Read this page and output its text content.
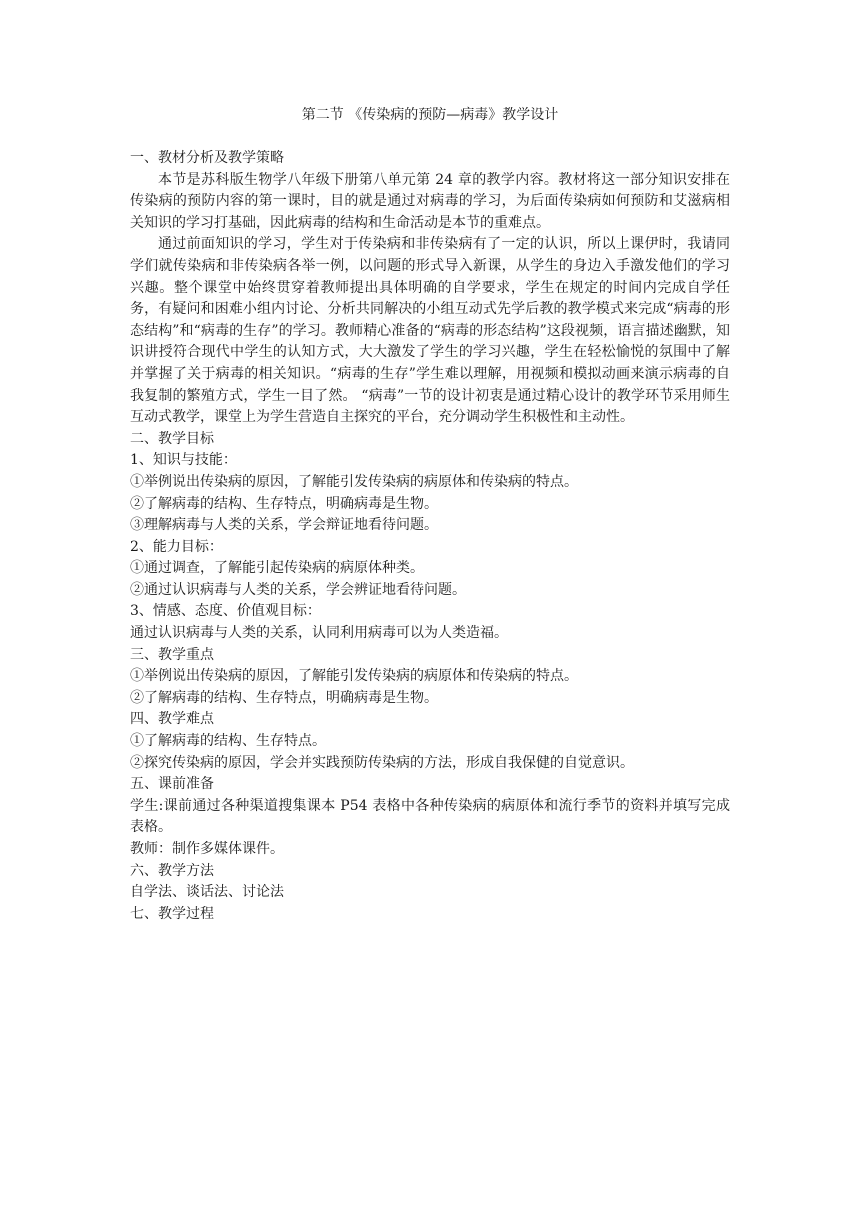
第二节 《传染病的预防—病毒》教学设计

一、教材分析及教学策略

本节是苏科版生物学八年级下册第八单元第 24 章的教学内容。教材将这一部分知识安排在传染病的预防内容的第一课时，目的就是通过对病毒的学习，为后面传染病如何预防和艾滋病相关知识的学习打基础，因此病毒的结构和生命活动是本节的重难点。

通过前面知识的学习，学生对于传染病和非传染病有了一定的认识，所以上课伊时，我请同学们就传染病和非传染病各举一例，以问题的形式导入新课，从学生的身边入手激发他们的学习兴趣。整个课堂中始终贯穿着教师提出具体明确的自学要求，学生在规定的时间内完成自学任务，有疑问和困难小组内讨论、分析共同解决的小组互动式先学后教的教学模式来完成“病毒的形态结构”和“病毒的生存”的学习。教师精心准备的“病毒的形态结构”这段视频，语言描述幽默，知识讲授符合现代中学生的认知方式，大大激发了学生的学习兴趣，学生在轻松愉悦的氛围中了解并掌握了关于病毒的相关知识。“病毒的生存”学生难以理解，用视频和模拟动画来演示病毒的自我复制的繁殖方式，学生一目了然。 “病毒”一节的设计初衷是通过精心设计的教学环节采用师生互动式教学，课堂上为学生营造自主探究的平台，充分调动学生积极性和主动性。

二、教学目标

1、知识与技能：

①举例说出传染病的原因，了解能引发传染病的病原体和传染病的特点。

②了解病毒的结构、生存特点，明确病毒是生物。

③理解病毒与人类的关系，学会辩证地看待问题。

2、能力目标：

①通过调查，了解能引起传染病的病原体种类。

②通过认识病毒与人类的关系，学会辨证地看待问题。

3、情感、态度、价值观目标：

通过认识病毒与人类的关系，认同利用病毒可以为人类造福。

三、教学重点

①举例说出传染病的原因，了解能引发传染病的病原体和传染病的特点。

②了解病毒的结构、生存特点，明确病毒是生物。

四、教学难点

①了解病毒的结构、生存特点。

②探究传染病的原因，学会并实践预防传染病的方法，形成自我保健的自觉意识。

五、课前准备

学生:课前通过各种渠道搜集课本 P54 表格中各种传染病的病原体和流行季节的资料并填写完成表格。

教师：制作多媒体课件。

六、教学方法

自学法、谈话法、讨论法

七、教学过程
